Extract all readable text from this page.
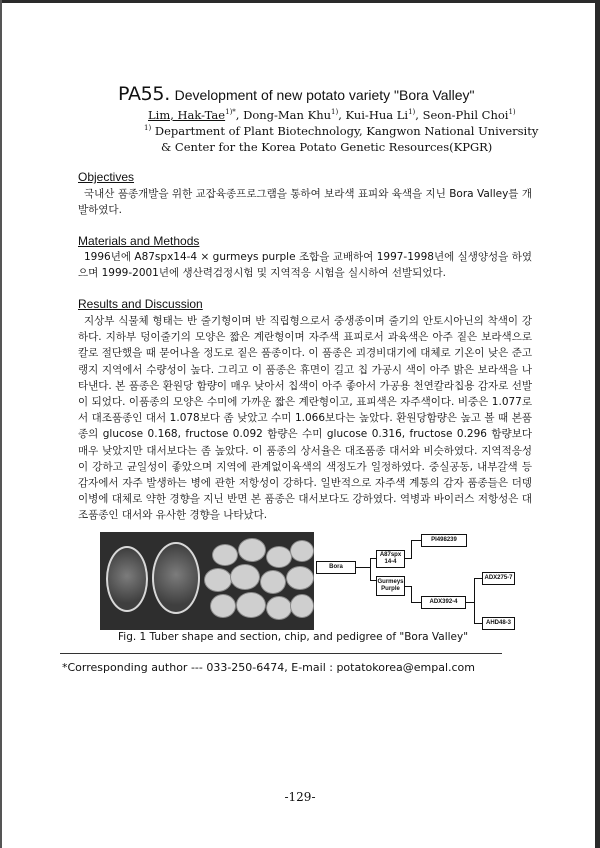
PA55. Development of new potato variety "Bora Valley"
Lim, Hak-Tae$^{1)*}$, Dong-Man Khu$^{1)}$, Kui-Hua Li$^{1)}$, Seon-Phil Choi$^{1)}$
$^{1)}$ Department of Plant Biotechnology, Kangwon National University
& Center for the Korea Potato Genetic Resources(KPGR)
Objectives
국내산 품종개발을 위한 교잡육종프로그램을 통하여 보라색 표피와 육색을 지닌 Bora Valley를 개발하였다.
Materials and Methods
1996년에 A87spx14-4 × gurmeys purple 조합을 교배하여 1997-1998년에 실생양성을 하였으며 1999-2001년에 생산력검정시험 및 지역적응 시험을 실시하여 선발되었다.
Results and Discussion
지상부 식물체 형태는 반 줄기형이며 반 직립형으로서 중생종이며 줄기의 안토시아닌의 착색이 강하다. 지하부 덩이줄기의 모양은 짧은 계란형이며 자주색 표피로서 과육색은 아주 짙은 보라색으로 칼로 절단했을 때 묻어나올 정도로 짙은 품종이다. 이 품종은 괴경비대기에 대체로 기온이 낮은 준고랭지 지역에서 수량성이 높다. 그리고 이 품종은 휴면이 길고 칩 가공시 색이 아주 밝은 보라색을 나타낸다. 본 품종은 환원당 함량이 매우 낮아서 칩색이 아주 좋아서 가공용 천연칼라칩용 감자로 선발이 되었다. 이품종의 모양은 수미에 가까운 짧은 계란형이고, 표피색은 자주색이다. 비중은 1.077로서 대조품종인 대서 1.078보다 좀 낮았고 수미 1.066보다는 높았다. 환원당함량은 높고 볼 때 본품종의 glucose 0.168, fructose 0.092 함량은 수미 glucose 0.316, fructose 0.296 함량보다 매우 낮았지만 대서보다는 좀 높았다. 이 품종의 상서율은 대조품종 대서와 비슷하였다. 지역적응성이 강하고 균일성이 좋았으며 지역에 관계없이육색의 색정도가 일정하였다. 중실공동, 내부갈색 등 감자에서 자주 발생하는 병에 관한 저항성이 강하다. 일반적으로 자주색 계통의 감자 품종들은 더뎅이병에 대체로 약한 경향을 지닌 반면 본 품종은 대서보다도 강하였다. 역병과 바이러스 저항성은 대조품종인 대서와 유사한 경향을 나타났다.
Bora
A87spx 14-4
PI498239
Gurmeys Purple
ADX392-4
ADX275-7
AHD48-3
Fig. 1 Tuber shape and section, chip, and pedigree of "Bora Valley"
*Corresponding author --- 033-250-6474, E-mail : potatokorea@empal.com
-129-
